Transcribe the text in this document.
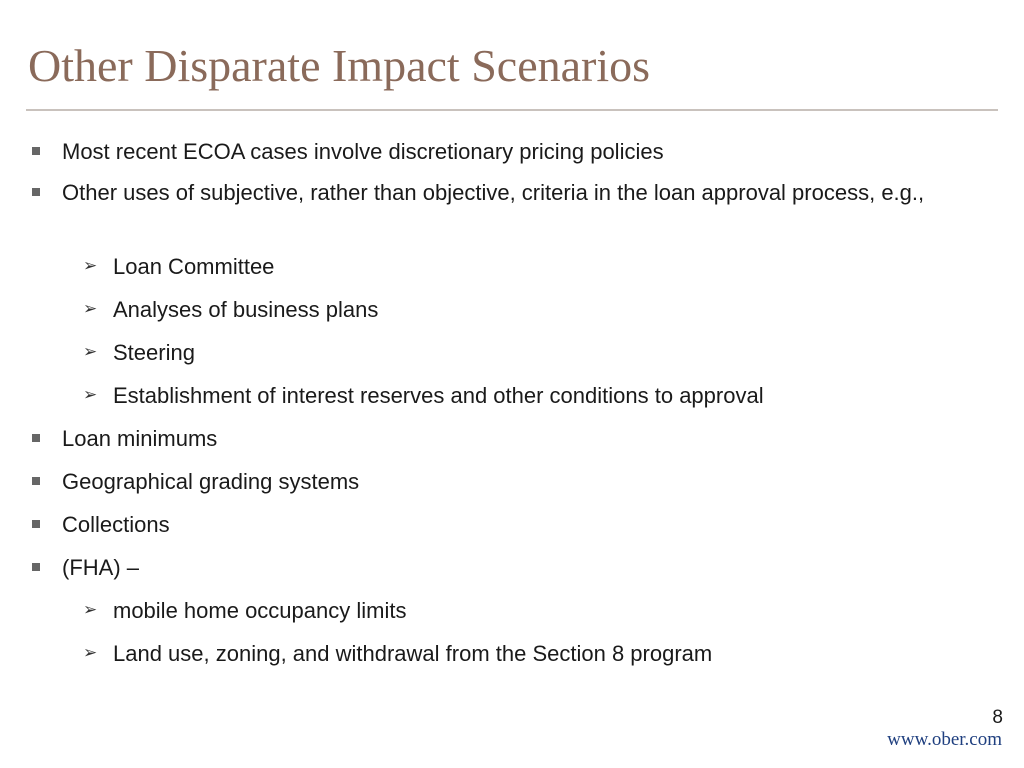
Other Disparate Impact Scenarios
Most recent ECOA cases involve discretionary pricing policies
Other uses of subjective, rather than objective, criteria in the loan approval process, e.g.,
➢ Loan Committee
➢ Analyses of business plans
➢ Steering
➢ Establishment of interest reserves and other conditions to approval
Loan minimums
Geographical grading systems
Collections
(FHA) –
➢ mobile home occupancy limits
➢ Land use, zoning, and withdrawal from the Section 8 program
8
www.ober.com
